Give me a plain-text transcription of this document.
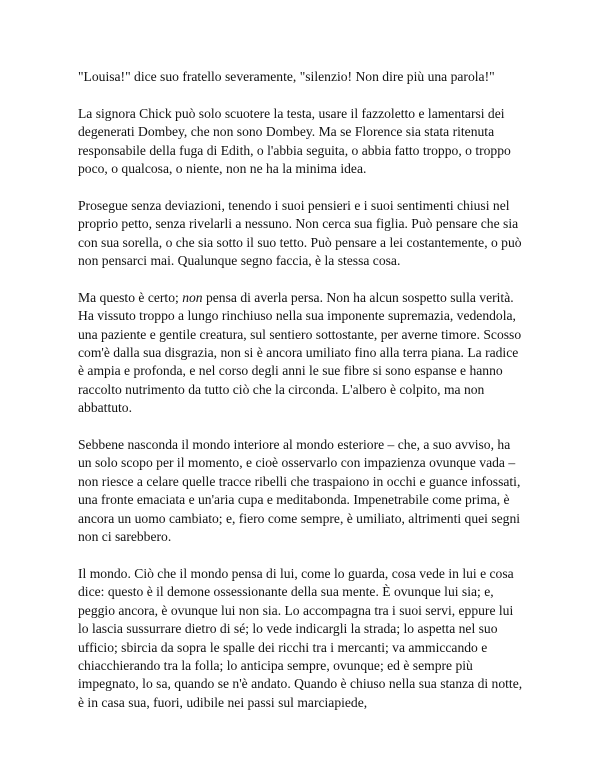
"Louisa!" dice suo fratello severamente, "silenzio! Non dire più una parola!"

La signora Chick può solo scuotere la testa, usare il fazzoletto e lamentarsi dei degenerati Dombey, che non sono Dombey. Ma se Florence sia stata ritenuta responsabile della fuga di Edith, o l'abbia seguita, o abbia fatto troppo, o troppo poco, o qualcosa, o niente, non ne ha la minima idea.

Prosegue senza deviazioni, tenendo i suoi pensieri e i suoi sentimenti chiusi nel proprio petto, senza rivelarli a nessuno. Non cerca sua figlia. Può pensare che sia con sua sorella, o che sia sotto il suo tetto. Può pensare a lei costantemente, o può non pensarci mai. Qualunque segno faccia, è la stessa cosa.

Ma questo è certo; non pensa di averla persa. Non ha alcun sospetto sulla verità. Ha vissuto troppo a lungo rinchiuso nella sua imponente supremazia, vedendola, una paziente e gentile creatura, sul sentiero sottostante, per averne timore. Scosso com'è dalla sua disgrazia, non si è ancora umiliato fino alla terra piana. La radice è ampia e profonda, e nel corso degli anni le sue fibre si sono espanse e hanno raccolto nutrimento da tutto ciò che la circonda. L'albero è colpito, ma non abbattuto.

Sebbene nasconda il mondo interiore al mondo esteriore – che, a suo avviso, ha un solo scopo per il momento, e cioè osservarlo con impazienza ovunque vada – non riesce a celare quelle tracce ribelli che traspaiono in occhi e guance infossati, una fronte emaciata e un'aria cupa e meditabonda. Impenetrabile come prima, è ancora un uomo cambiato; e, fiero come sempre, è umiliato, altrimenti quei segni non ci sarebbero.

Il mondo. Ciò che il mondo pensa di lui, come lo guarda, cosa vede in lui e cosa dice: questo è il demone ossessionante della sua mente. È ovunque lui sia; e, peggio ancora, è ovunque lui non sia. Lo accompagna tra i suoi servi, eppure lui lo lascia sussurrare dietro di sé; lo vede indicargli la strada; lo aspetta nel suo ufficio; sbircia da sopra le spalle dei ricchi tra i mercanti; va ammiccando e chiacchierando tra la folla; lo anticipa sempre, ovunque; ed è sempre più impegnato, lo sa, quando se n'è andato. Quando è chiuso nella sua stanza di notte, è in casa sua, fuori, udibile nei passi sul marciapiede,
